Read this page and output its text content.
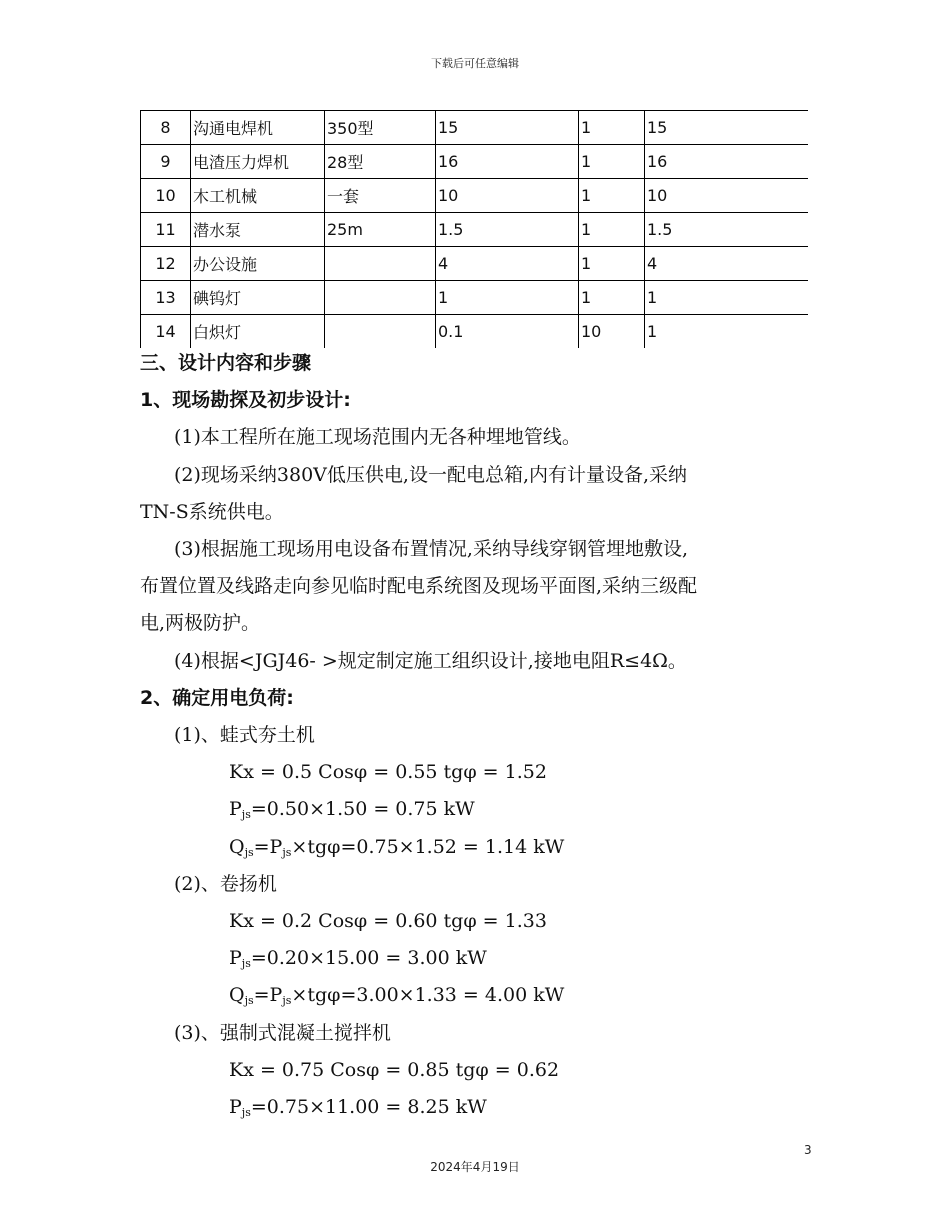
下载后可任意编辑
8	沟通电焊机	350型	15	1	15
9	电渣压力焊机	28型	16	1	16
10	木工机械	一套	10	1	10
11	潜水泵	25m	1.5	1	1.5
12	办公设施		4	1	4
13	碘钨灯		1	1	1
14	白炽灯		0.1	10	1

三、设计内容和步骤

1、现场勘探及初步设计:

(1)本工程所在施工现场范围内无各种埋地管线。

(2)现场采纳380V低压供电,设一配电总箱,内有计量设备,采纳

TN-S系统供电。

(3)根据施工现场用电设备布置情况,采纳导线穿钢管埋地敷设,

布置位置及线路走向参见临时配电系统图及现场平面图,采纳三级配

电,两极防护。

(4)根据<JGJ46- >规定制定施工组织设计,接地电阻R≤4Ω。

2、确定用电负荷:

(1)、蛙式夯土机

Kx = 0.5 Cosφ = 0.55 tgφ = 1.52

$P_{js}=0.50\times 1.50 = 0.75$ kW

$Q_{js}=P_{js}\times tg\varphi=0.75\times 1.52 = 1.14$ kW

(2)、卷扬机

Kx = 0.2 Cosφ = 0.60 tgφ = 1.33

$P_{js}=0.20\times 15.00 = 3.00$ kW

$Q_{js}=P_{js}\times tg\varphi=3.00\times 1.33 = 4.00$ kW

(3)、强制式混凝土搅拌机

Kx = 0.75 Cosφ = 0.85 tgφ = 0.62

$P_{js}=0.75\times 11.00 = 8.25$ kW

3
2024年4月19日
